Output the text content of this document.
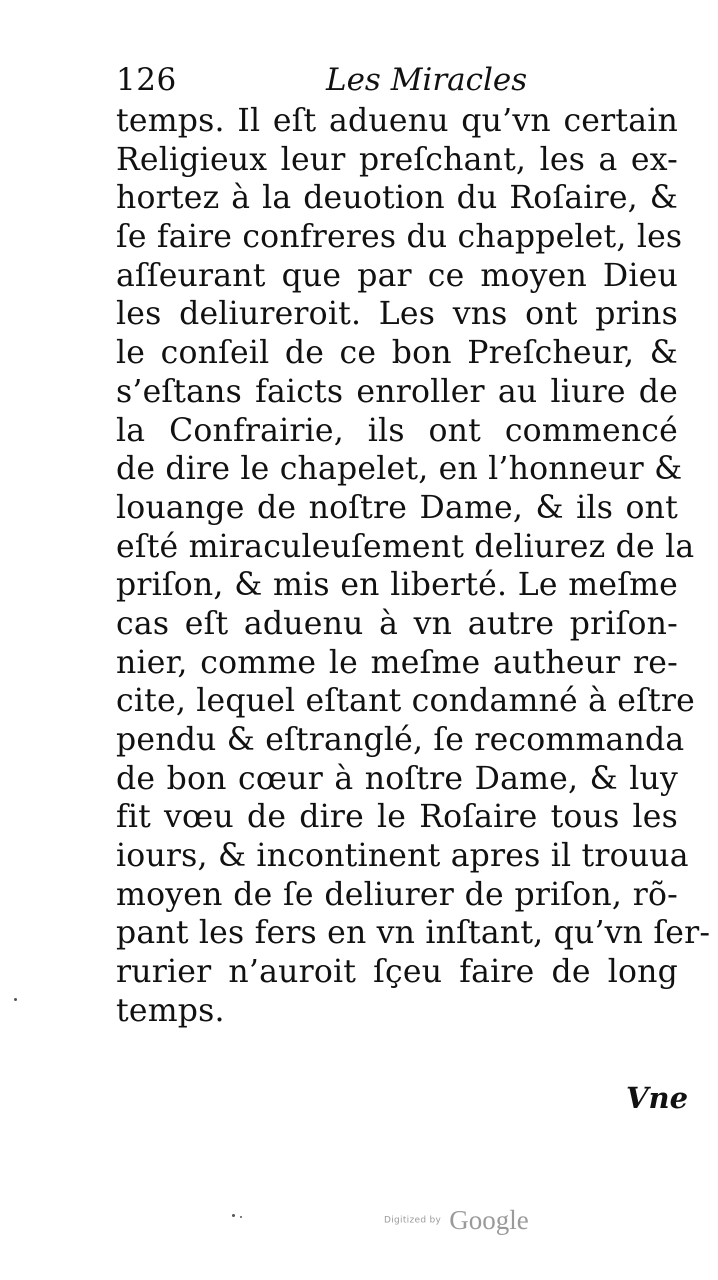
126	Les Miracles
temps. Il eſt aduenu qu’vn certain
Religieux leur preſchant, les a ex-
hortez à la deuotion du Roſaire, &
ſe faire confreres du chappelet, les
aſſeurant que par ce moyen Dieu
les deliureroit. Les vns ont prins
le conſeil de ce bon Preſcheur, &
s’eſtans faicts enroller au liure de
la Confrairie, ils ont commencé
de dire le chapelet, en l’honneur &
louange de noſtre Dame, & ils ont
eſté miraculeuſement deliurez de la
priſon, & mis en liberté. Le meſme
cas eſt aduenu à vn autre priſon-
nier, comme le meſme autheur re-
cite, lequel eſtant condamné à eſtre
pendu & eſtranglé, ſe recommanda
de bon cœur à noſtre Dame, & luy
fit vœu de dire le Roſaire tous les
iours, & incontinent apres il trouua
moyen de ſe deliurer de priſon, rõ-
pant les fers en vn inſtant, qu’vn ſer-
rurier n’auroit ſçeu faire de long
temps.
Vne
Digitized by Google
